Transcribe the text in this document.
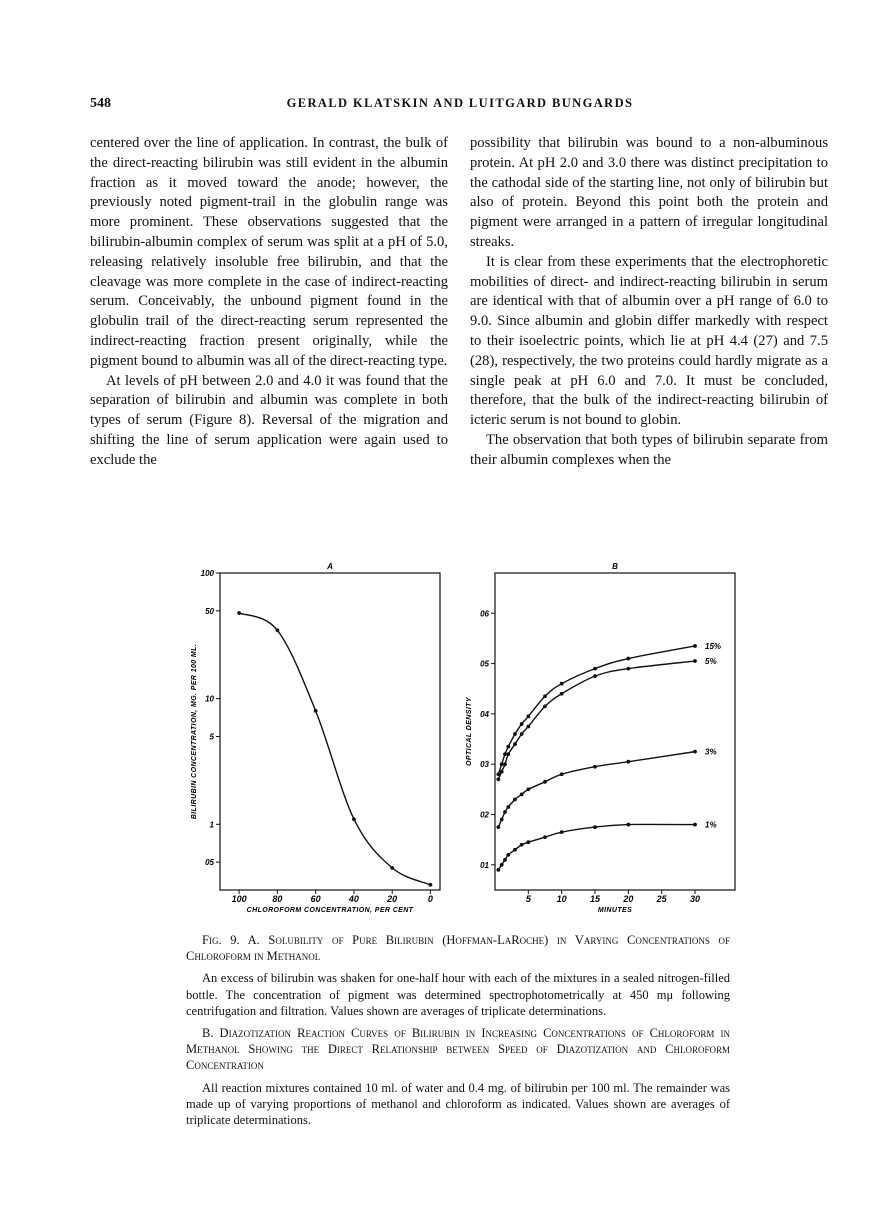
548	GERALD KLATSKIN AND LUITGARD BUNGARDS

centered over the line of application. In contrast, the bulk of the direct-reacting bilirubin was still evident in the albumin fraction as it moved toward the anode; however, the previously noted pigment-trail in the globulin range was more prominent. These observations suggested that the bilirubin-albumin complex of serum was split at a pH of 5.0, releasing relatively insoluble free bilirubin, and that the cleavage was more complete in the case of indirect-reacting serum. Conceivably, the unbound pigment found in the globulin trail of the direct-reacting serum represented the indirect-reacting fraction present originally, while the pigment bound to albumin was all of the direct-reacting type.

At levels of pH between 2.0 and 4.0 it was found that the separation of bilirubin and albumin was complete in both types of serum (Figure 8). Reversal of the migration and shifting the line of serum application were again used to exclude the

possibility that bilirubin was bound to a non-albuminous protein. At pH 2.0 and 3.0 there was distinct precipitation to the cathodal side of the starting line, not only of bilirubin but also of protein. Beyond this point both the protein and pigment were arranged in a pattern of irregular longitudinal streaks.

It is clear from these experiments that the electrophoretic mobilities of direct- and indirect-reacting bilirubin in serum are identical with that of albumin over a pH range of 6.0 to 9.0. Since albumin and globin differ markedly with respect to their isoelectric points, which lie at pH 4.4 (27) and 7.5 (28), respectively, the two proteins could hardly migrate as a single peak at pH 6.0 and 7.0. It must be concluded, therefore, that the bulk of the indirect-reacting bilirubin of icteric serum is not bound to globin.

The observation that both types of bilirubin separate from their albumin complexes when the

A
100	80	60	40	20	0
100
50
10
5
1
05
CHLOROFORM CONCENTRATION, PER CENT
BILIRUBIN CONCENTRATION, MG. PER 100 ML.
B
5	10	15	20	25	30
01
02
03
04
05
06
MINUTES
OPTICAL DENSITY
15%
5%
3%
1%

Fig. 9. A. Solubility of Pure Bilirubin (Hoffman-LaRoche) in Varying Concentrations of Chloroform in Methanol

An excess of bilirubin was shaken for one-half hour with each of the mixtures in a sealed nitrogen-filled bottle. The concentration of pigment was determined spectrophotometrically at 450 mμ following centrifugation and filtration. Values shown are averages of triplicate determinations.

B. Diazotization Reaction Curves of Bilirubin in Increasing Concentrations of Chloroform in Methanol Showing the Direct Relationship between Speed of Diazotization and Chloroform Concentration

All reaction mixtures contained 10 ml. of water and 0.4 mg. of bilirubin per 100 ml. The remainder was made up of varying proportions of methanol and chloroform as indicated. Values shown are averages of triplicate determinations.
